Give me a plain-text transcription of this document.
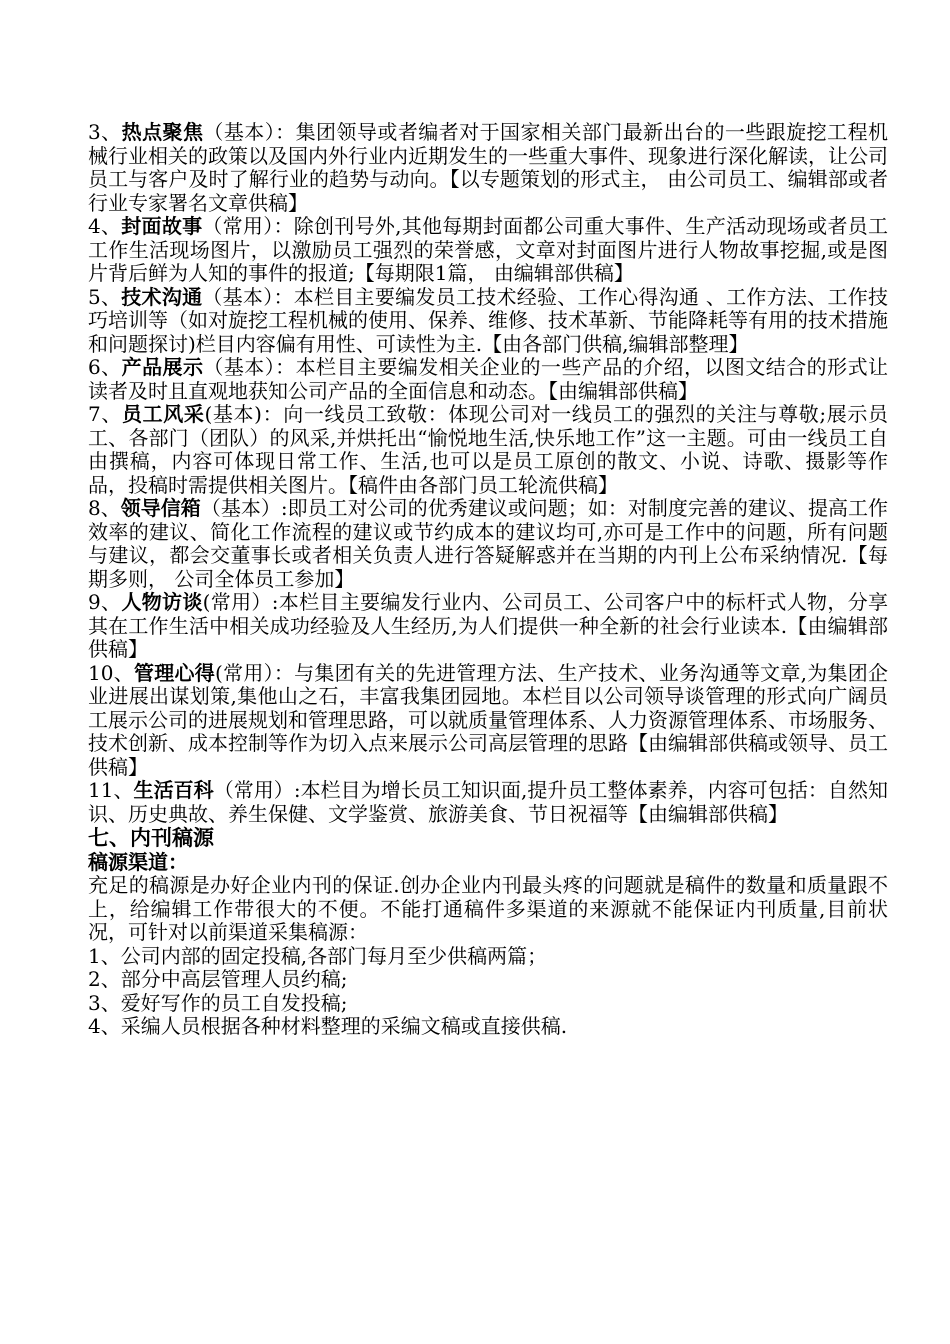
3、热点聚焦（基本）：集团领导或者编者对于国家相关部门最新出台的一些跟旋挖工程机械行业相关的政策以及国内外行业内近期发生的一些重大事件、现象进行深化解读，让公司员工与客户及时了解行业的趋势与动向。【以专题策划的形式主， 由公司员工、编辑部或者行业专家署名文章供稿】

4、封面故事（常用）：除创刊号外,其他每期封面都公司重大事件、生产活动现场或者员工工作生活现场图片，以激励员工强烈的荣誉感，文章对封面图片进行人物故事挖掘,或是图片背后鲜为人知的事件的报道;【每期限1篇， 由编辑部供稿】

5、技术沟通（基本）：本栏目主要编发员工技术经验、工作心得沟通 、工作方法、工作技巧培训等（如对旋挖工程机械的使用、保养、维修、技术革新、节能降耗等有用的技术措施和问题探讨)栏目内容偏有用性、可读性为主.【由各部门供稿,编辑部整理】

6、产品展示（基本）：本栏目主要编发相关企业的一些产品的介绍，以图文结合的形式让读者及时且直观地获知公司产品的全面信息和动态。【由编辑部供稿】

7、员工风采(基本)：向一线员工致敬：体现公司对一线员工的强烈的关注与尊敬;展示员工、各部门（团队）的风采,并烘托出“愉悦地生活,快乐地工作”这一主题。可由一线员工自由撰稿，内容可体现日常工作、生活,也可以是员工原创的散文、小说、诗歌、摄影等作品，投稿时需提供相关图片。【稿件由各部门员工轮流供稿】

8、领导信箱（基本）:即员工对公司的优秀建议或问题；如：对制度完善的建议、提高工作效率的建议、简化工作流程的建议或节约成本的建议均可,亦可是工作中的问题，所有问题与建议，都会交董事长或者相关负责人进行答疑解惑并在当期的内刊上公布采纳情况.【每期多则， 公司全体员工参加】

9、人物访谈(常用）:本栏目主要编发行业内、公司员工、公司客户中的标杆式人物，分享其在工作生活中相关成功经验及人生经历,为人们提供一种全新的社会行业读本.【由编辑部供稿】

10、管理心得(常用）：与集团有关的先进管理方法、生产技术、业务沟通等文章,为集团企业进展出谋划策,集他山之石，丰富我集团园地。本栏目以公司领导谈管理的形式向广阔员工展示公司的进展规划和管理思路，可以就质量管理体系、人力资源管理体系、市场服务、技术创新、成本控制等作为切入点来展示公司高层管理的思路【由编辑部供稿或领导、员工供稿】

11、生活百科（常用）:本栏目为增长员工知识面,提升员工整体素养，内容可包括：自然知识、历史典故、养生保健、文学鉴赏、旅游美食、节日祝福等【由编辑部供稿】

七、内刊稿源
稿源渠道：

充足的稿源是办好企业内刊的保证.创办企业内刊最头疼的问题就是稿件的数量和质量跟不上，给编辑工作带很大的不便。不能打通稿件多渠道的来源就不能保证内刊质量,目前状况，可针对以前渠道采集稿源：

1、公司内部的固定投稿,各部门每月至少供稿两篇；

2、部分中高层管理人员约稿;

3、爱好写作的员工自发投稿;

4、采编人员根据各种材料整理的采编文稿或直接供稿.
